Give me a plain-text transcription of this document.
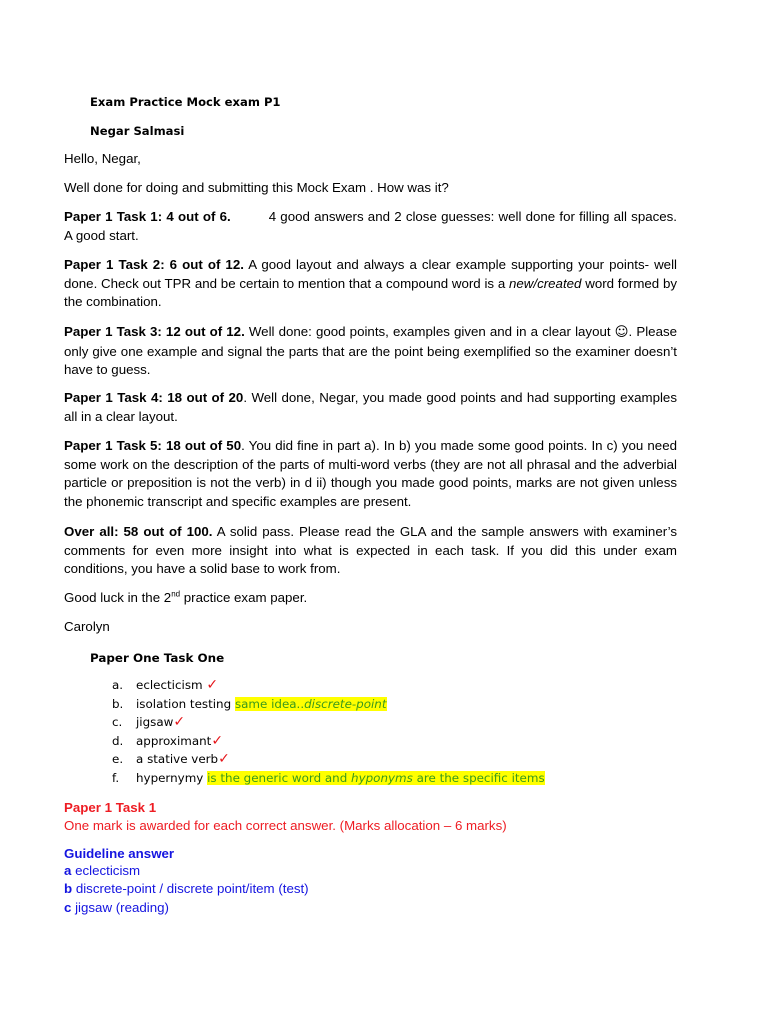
Exam Practice Mock exam P1
Negar Salmasi

Hello, Negar,

Well done for doing and submitting this Mock Exam . How was it?

Paper 1 Task 1: 4 out of 6.	4 good answers and 2 close guesses: well done for filling all spaces. A good start.

Paper 1 Task 2: 6 out of 12. A good layout and always a clear example supporting your points- well done. Check out TPR and be certain to mention that a compound word is a new/created word formed by the combination.

Paper 1 Task 3: 12 out of 12. Well done: good points, examples given and in a clear layout ☺. Please only give one example and signal the parts that are the point being exemplified so the examiner doesn’t have to guess.

Paper 1 Task 4: 18 out of 20. Well done, Negar, you made good points and had supporting examples all in a clear layout.

Paper 1 Task 5: 18 out of 50. You did fine in part a). In b) you made some good points. In c) you need some work on the description of the parts of multi-word verbs (they are not all phrasal and the adverbial particle or preposition is not the verb) in d ii) though you made good points, marks are not given unless the phonemic transcript and specific examples are present.

Over all: 58 out of 100. A solid pass. Please read the GLA and the sample answers with examiner’s comments for even more insight into what is expected in each task. If you did this under exam conditions, you have a solid base to work from.

Good luck in the 2nd practice exam paper.

Carolyn

Paper One Task One
a. eclecticism ✓
b. isolation testing same idea..discrete-point
c. jigsaw✓
d. approximant✓
e. a stative verb✓
f. hypernymy is the generic word and hyponyms are the specific items

Paper 1 Task 1

One mark is awarded for each correct answer. (Marks allocation – 6 marks)

Guideline answer

a eclecticism

b discrete-point / discrete point/item (test)

c jigsaw (reading)
